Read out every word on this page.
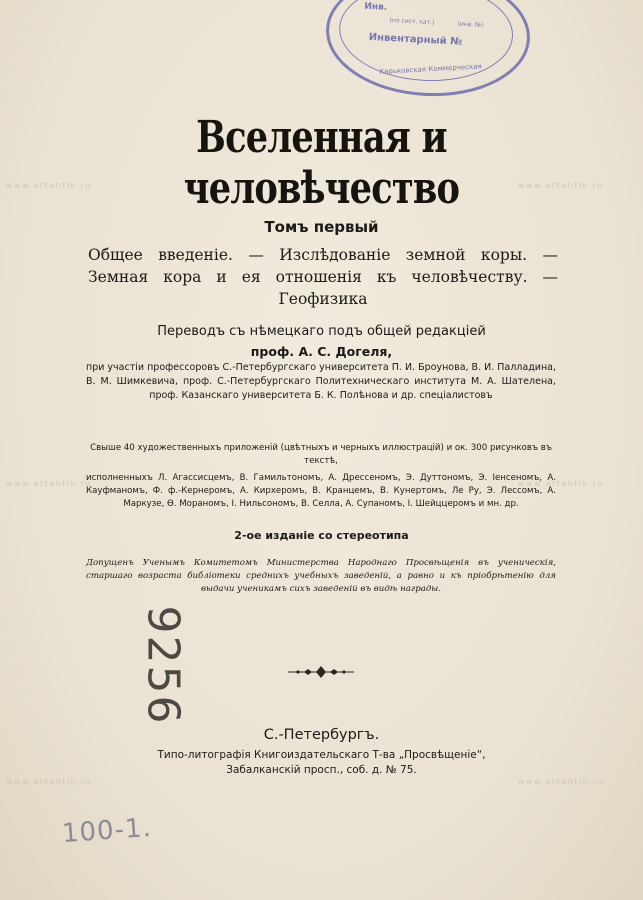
Инв.
(по сист. кат.)	(инв. №)
Инвентарный №
Харьковская Коммерческая
www.artantik.ru	www.artantik.ru
www.artantik.ru	www.artantik.ru
www.artantik.ru	www.artantik.ru
Вселенная и человѣчество
Томъ первый
Общее введеніе. — Изслѣдованіе земной коры. — Земная кора и ея отношенія къ человѣчеству. — Геофизика
Переводъ съ нѣмецкаго подъ общей редакціей
проф. А. С. Догеля,
при участіи профессоровъ С.-Петербургскаго университета П. И. Броунова, В. И. Палладина, В. М. Шимкевича, проф. С.-Петербургскаго Политехническаго института М. А. Шателена, проф. Казанскаго университета Б. К. Полѣнова и др. спеціалистовъ
Свыше 40 художественныхъ приложеній (цвѣтныхъ и черныхъ иллюстрацій) и ок. 300 рисунковъ въ текстѣ,
исполненныхъ Л. Агассисцемъ, В. Гамильтономъ, А. Дрессеномъ, Э. Дуттономъ, Э. Іенсеномъ, А. Кауфманомъ, Ф. ф.-Кернеромъ, А. Кирхеромъ, В. Кранцемъ, В. Кунертомъ, Ле Ру, Э. Лессомъ, А. Маркузе, Ѳ. Мораномъ, І. Нильсономъ, В. Селла, А. Супаномъ, І. Шейццеромъ и мн. др.
2-ое изданіе со стереотипа
Допущенъ Ученымъ Комитетомъ Министерства Народнаго Просвѣщенія въ ученическія, старшаго возраста библіотеки среднихъ учебныхъ заведеній, а равно и къ пріобрѣтенію для выдачи ученикамъ сихъ заведеній въ видѣ награды.
С.-Петербургъ.
Типо-литографія Книгоиздательскаго Т-ва „Просвѣщеніе“,
Забалканскій просп., соб. д. № 75.
9256
100-1.
